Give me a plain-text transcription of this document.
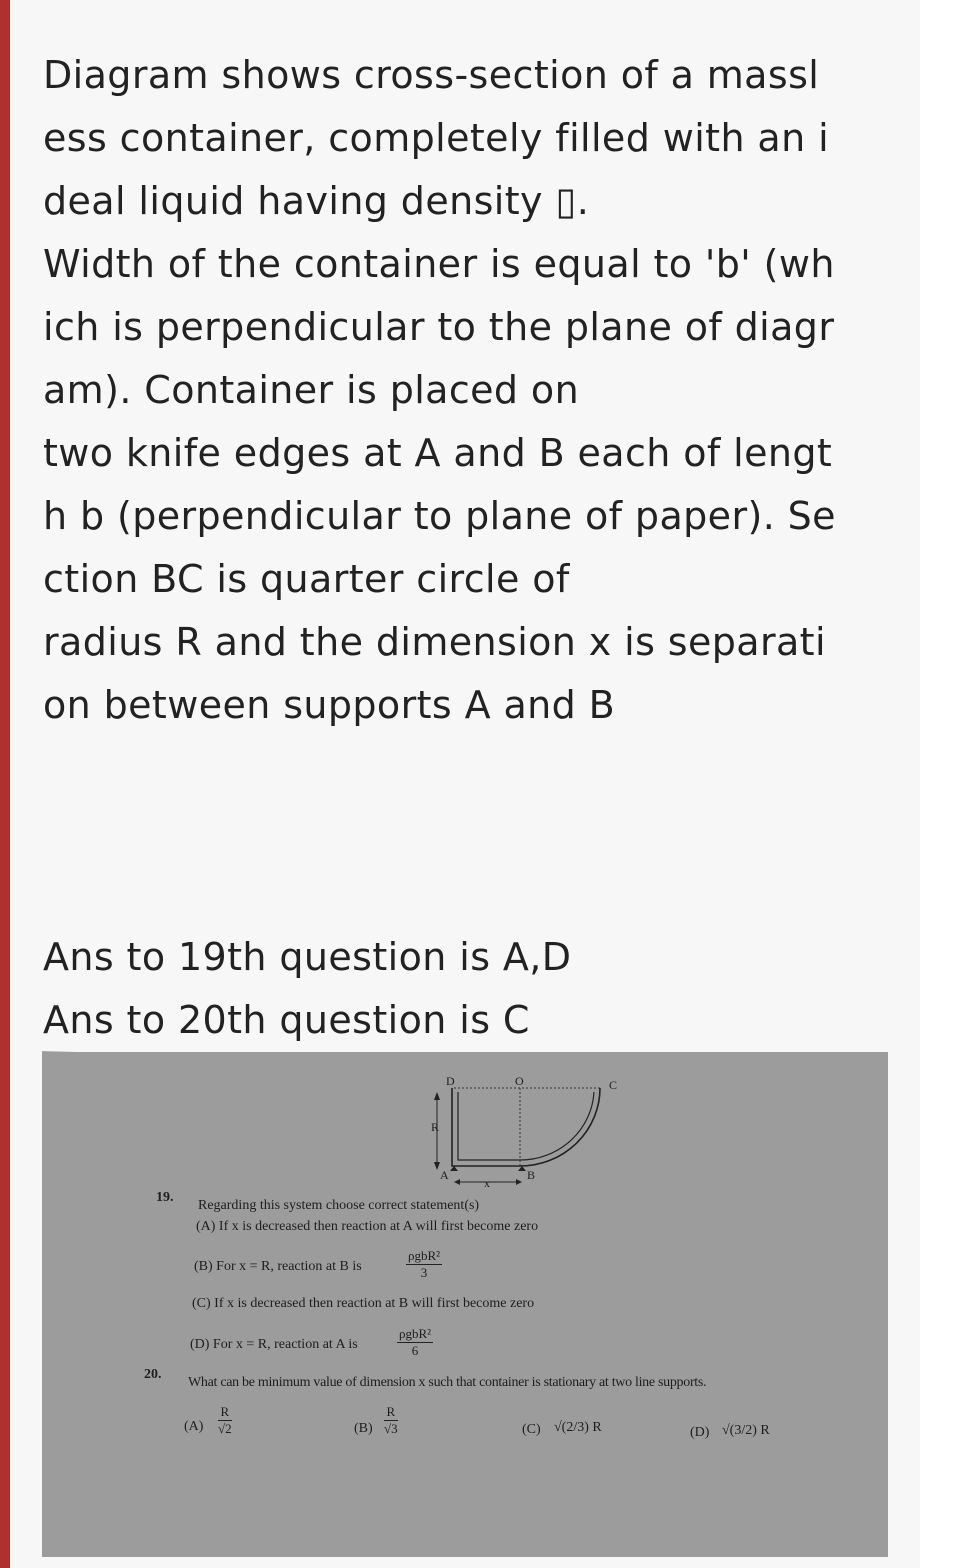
Diagram shows cross-section of a massl
ess container, completely filled with an i
deal liquid having density ▯.
Width of the container is equal to 'b' (wh
ich is perpendicular to the plane of diagr
am). Container is placed on
two knife edges at A and B each of lengt
h b (perpendicular to plane of paper). Se
ction BC is quarter circle of
radius R and the dimension x is separati
on between supports A and B
Ans to 19th question is A,D
Ans to 20th question is C
D	O	C
R
A	B
x
19.
Regarding this system choose correct statement(s)
(A) If x is decreased then reaction at A will first become zero
(B) For x = R, reaction at B is
ρgbR²
3
(C) If x is decreased then reaction at B will first become zero
(D) For x = R, reaction at A is
ρgbR²
6
20.
What can be minimum value of dimension x such that container is stationary at two line supports.
$(A) \frac{R}{√2}$	$(B) \frac{R}{√3}$	(C) √(2/3) R	(D) √(3/2) R
